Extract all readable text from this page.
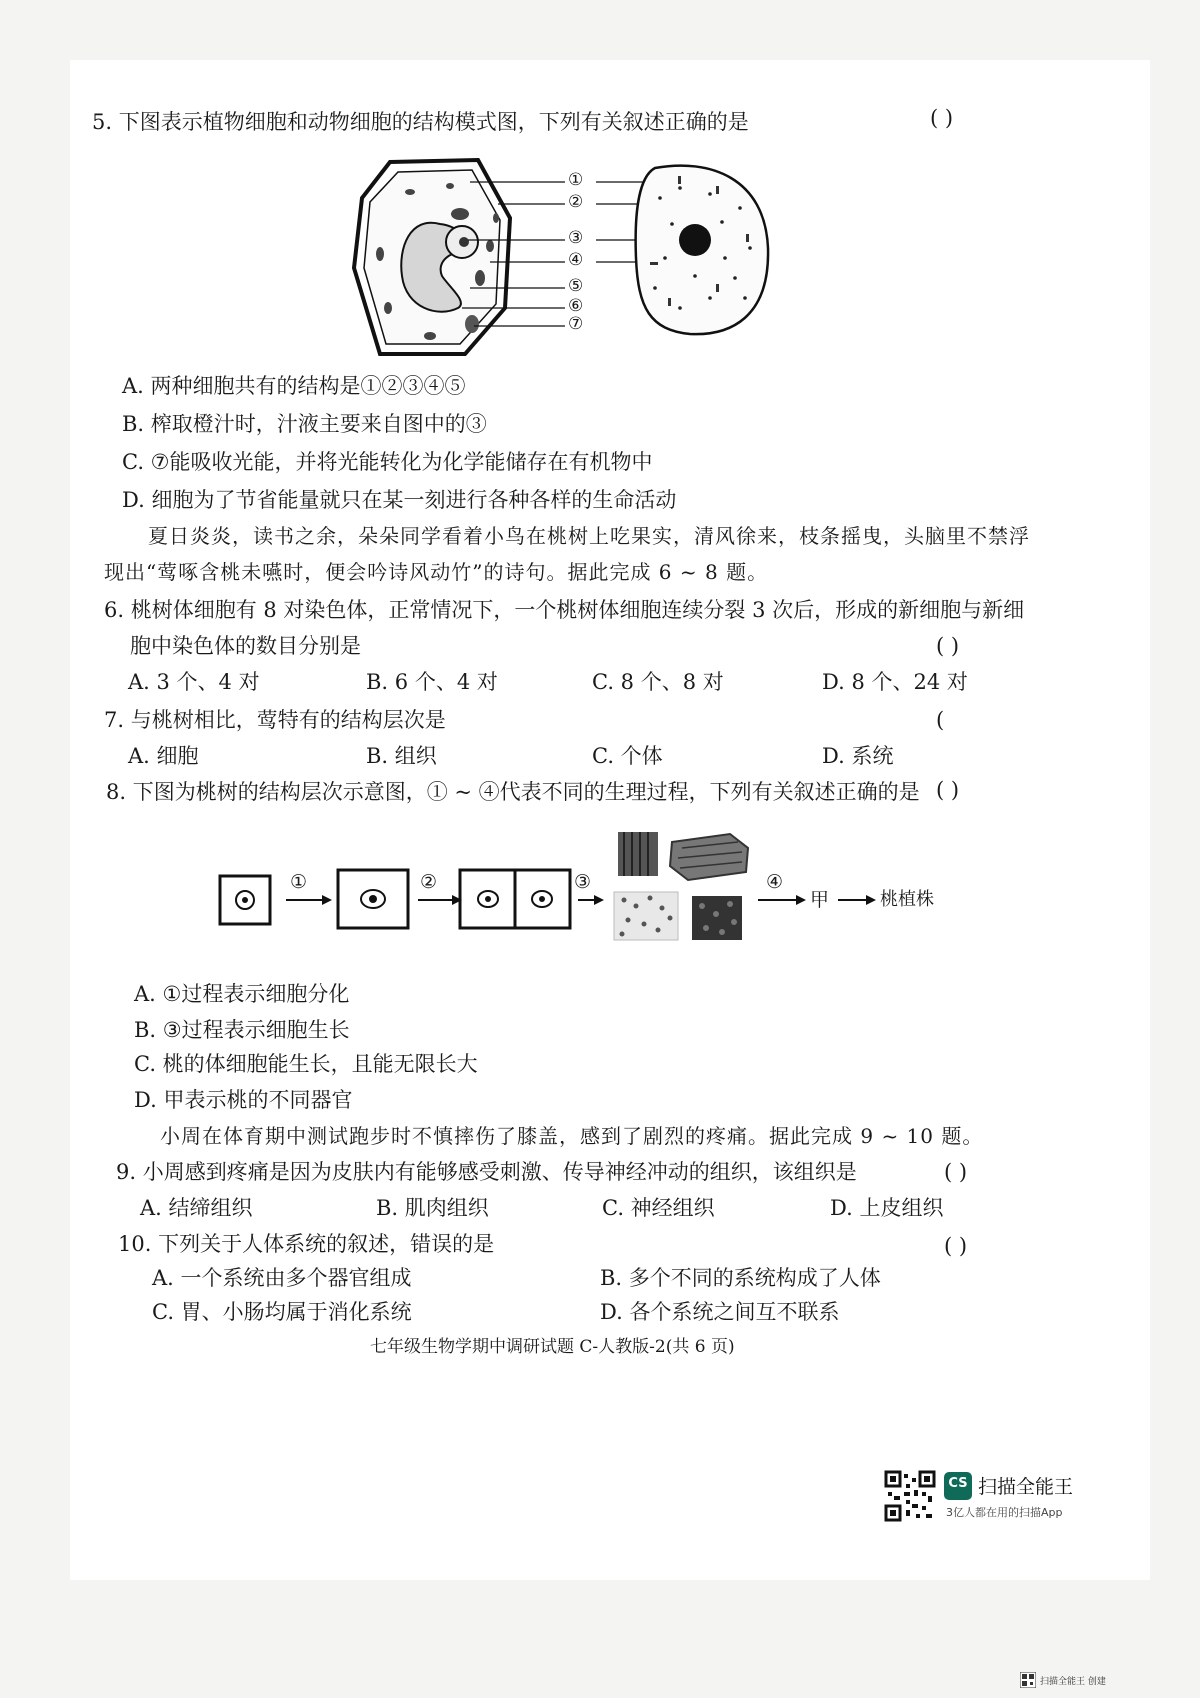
5. 下图表示植物细胞和动物细胞的结构模式图，下列有关叙述正确的是	( )
①
②
③
④
⑤
⑥
⑦
A. 两种细胞共有的结构是①②③④⑤
B. 榨取橙汁时，汁液主要来自图中的③
C. ⑦能吸收光能，并将光能转化为化学能储存在有机物中
D. 细胞为了节省能量就只在某一刻进行各种各样的生命活动
夏日炎炎，读书之余，朵朵同学看着小鸟在桃树上吃果实，清风徐来，枝条摇曳，头脑里不禁浮
现出“莺啄含桃未嚥时，便会吟诗风动竹”的诗句。据此完成 6 ~ 8 题。
6. 桃树体细胞有 8 对染色体，正常情况下，一个桃树体细胞连续分裂 3 次后，形成的新细胞与新细
胞中染色体的数目分别是	( )
A. 3 个、4 对	B. 6 个、4 对	C. 8 个、8 对	D. 8 个、24 对
7. 与桃树相比，莺特有的结构层次是	(
A. 细胞	B. 组织	C. 个体	D. 系统
8. 下图为桃树的结构层次示意图，① ~ ④代表不同的生理过程，下列有关叙述正确的是 ( )
①	②	③	④
甲	桃植株
A. ①过程表示细胞分化
B. ③过程表示细胞生长
C. 桃的体细胞能生长，且能无限长大
D. 甲表示桃的不同器官
小周在体育期中测试跑步时不慎摔伤了膝盖，感到了剧烈的疼痛。据此完成 9 ~ 10 题。
9. 小周感到疼痛是因为皮肤内有能够感受刺激、传导神经冲动的组织，该组织是	( )
A. 结缔组织	B. 肌肉组织	C. 神经组织	D. 上皮组织
10. 下列关于人体系统的叙述，错误的是	( )
A. 一个系统由多个器官组成	B. 多个不同的系统构成了人体
C. 胃、小肠均属于消化系统	D. 各个系统之间互不联系
七年级生物学期中调研试题 C-人教版-2(共 6 页)
CS 扫描全能王
3亿人都在用的扫描App
扫描全能王 创建
